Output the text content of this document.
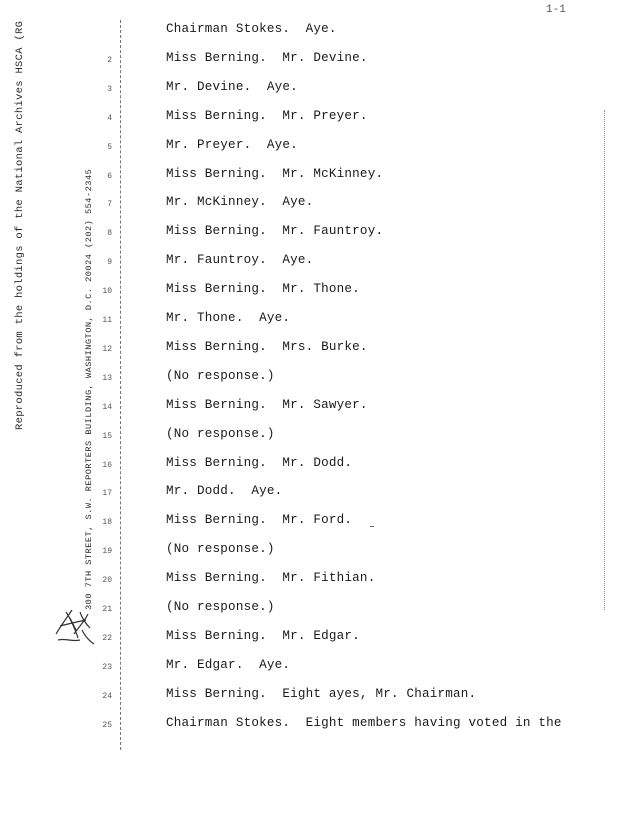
1-1
Reproduced from the holdings of the National Archives HSCA (RG	300 7TH STREET, S.W. REPORTERS BUILDING, WASHINGTON, D.C. 20024 (202) 554-2345
Chairman Stokes.  Aye.
2	Miss Berning.  Mr. Devine.
3	Mr. Devine.  Aye.
4	Miss Berning.  Mr. Preyer.
5	Mr. Preyer.  Aye.
6	Miss Berning.  Mr. McKinney.
7	Mr. McKinney.  Aye.
8	Miss Berning.  Mr. Fauntroy.
9	Mr. Fauntroy.  Aye.
10	Miss Berning.  Mr. Thone.
11	Mr. Thone.  Aye.
12	Miss Berning.  Mrs. Burke.
13	(No response.)
14	Miss Berning.  Mr. Sawyer.
15	(No response.)
16	Miss Berning.  Mr. Dodd.
17	Mr. Dodd.  Aye.
18	Miss Berning.  Mr. Ford.
19	(No response.)
20	Miss Berning.  Mr. Fithian.
21	(No response.)
22	Miss Berning.  Mr. Edgar.
23	Mr. Edgar.  Aye.
24	Miss Berning.  Eight ayes, Mr. Chairman.
25	Chairman Stokes.  Eight members having voted in the
